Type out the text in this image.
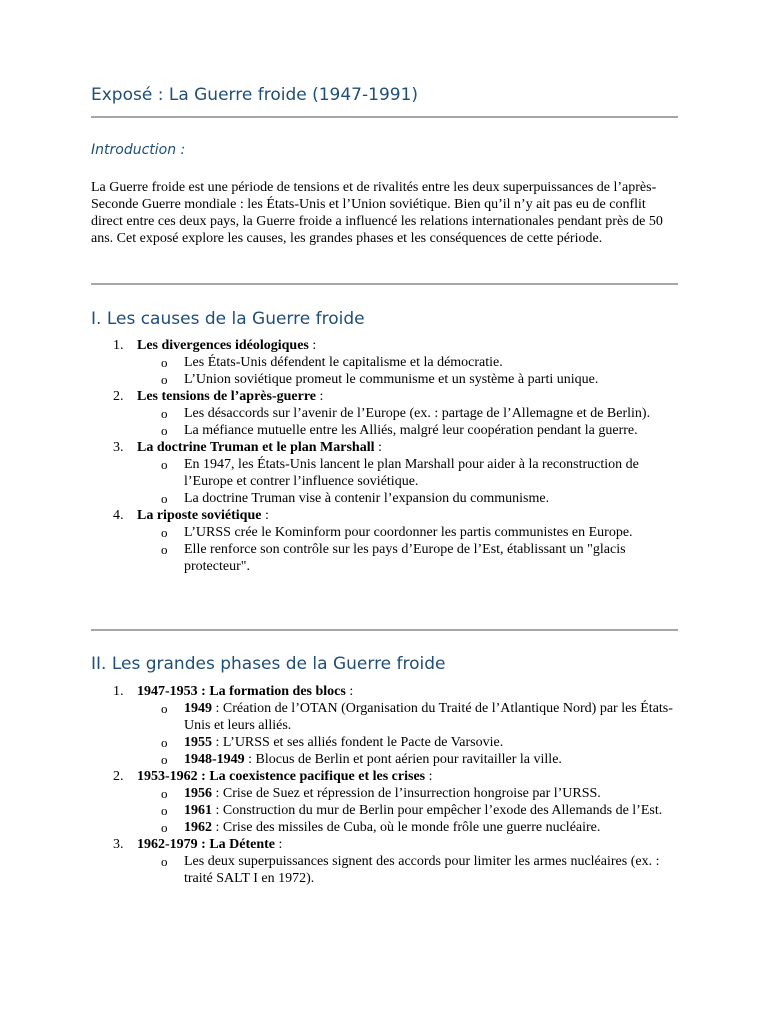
Exposé : La Guerre froide (1947-1991)
Introduction :

La Guerre froide est une période de tensions et de rivalités entre les deux superpuissances de l’après-Seconde Guerre mondiale : les États-Unis et l’Union soviétique. Bien qu’il n’y ait pas eu de conflit direct entre ces deux pays, la Guerre froide a influencé les relations internationales pendant près de 50 ans. Cet exposé explore les causes, les grandes phases et les conséquences de cette période.

I. Les causes de la Guerre froide
1. Les divergences idéologiques :
o Les États-Unis défendent le capitalisme et la démocratie.
o L’Union soviétique promeut le communisme et un système à parti unique.
2. Les tensions de l’après-guerre :
o Les désaccords sur l’avenir de l’Europe (ex. : partage de l’Allemagne et de Berlin).
o La méfiance mutuelle entre les Alliés, malgré leur coopération pendant la guerre.
3. La doctrine Truman et le plan Marshall :
o En 1947, les États-Unis lancent le plan Marshall pour aider à la reconstruction de l’Europe et contrer l’influence soviétique.
o La doctrine Truman vise à contenir l’expansion du communisme.
4. La riposte soviétique :
o L’URSS crée le Kominform pour coordonner les partis communistes en Europe.
o Elle renforce son contrôle sur les pays d’Europe de l’Est, établissant un "glacis protecteur".
II. Les grandes phases de la Guerre froide
1. 1947-1953 : La formation des blocs :
o 1949 : Création de l’OTAN (Organisation du Traité de l’Atlantique Nord) par les États-Unis et leurs alliés.
o 1955 : L’URSS et ses alliés fondent le Pacte de Varsovie.
o 1948-1949 : Blocus de Berlin et pont aérien pour ravitailler la ville.
2. 1953-1962 : La coexistence pacifique et les crises :
o 1956 : Crise de Suez et répression de l’insurrection hongroise par l’URSS.
o 1961 : Construction du mur de Berlin pour empêcher l’exode des Allemands de l’Est.
o 1962 : Crise des missiles de Cuba, où le monde frôle une guerre nucléaire.
3. 1962-1979 : La Détente :
o Les deux superpuissances signent des accords pour limiter les armes nucléaires (ex. : traité SALT I en 1972).
